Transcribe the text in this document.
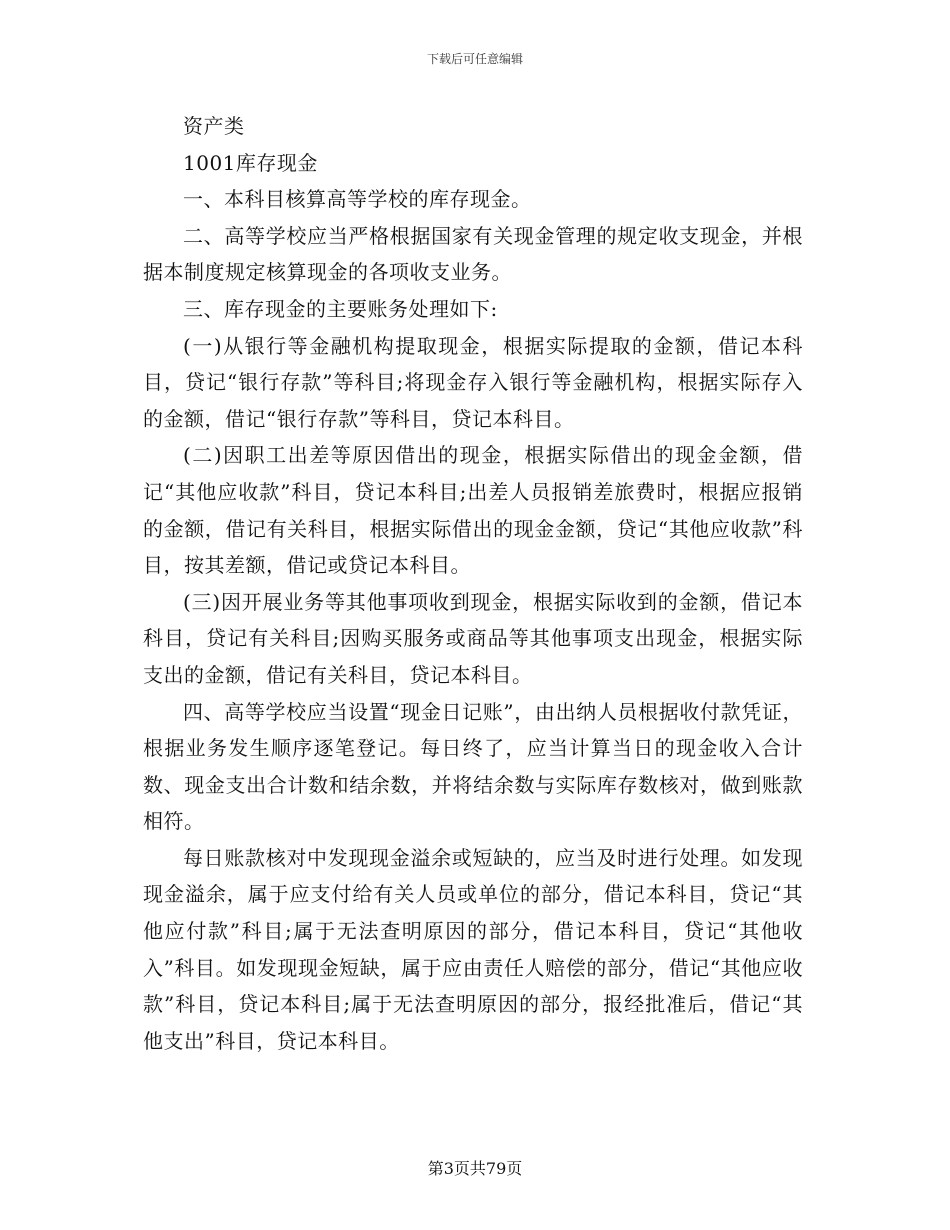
下载后可任意编辑

资产类

1001库存现金

一、本科目核算高等学校的库存现金。

二、高等学校应当严格根据国家有关现金管理的规定收支现金，并根据本制度规定核算现金的各项收支业务。

三、库存现金的主要账务处理如下:

(一)从银行等金融机构提取现金，根据实际提取的金额，借记本科目，贷记“银行存款”等科目;将现金存入银行等金融机构，根据实际存入的金额，借记“银行存款”等科目，贷记本科目。

(二)因职工出差等原因借出的现金，根据实际借出的现金金额，借记“其他应收款”科目，贷记本科目;出差人员报销差旅费时，根据应报销的金额，借记有关科目，根据实际借出的现金金额，贷记“其他应收款”科目，按其差额，借记或贷记本科目。

(三)因开展业务等其他事项收到现金，根据实际收到的金额，借记本科目，贷记有关科目;因购买服务或商品等其他事项支出现金，根据实际支出的金额，借记有关科目，贷记本科目。

四、高等学校应当设置“现金日记账”，由出纳人员根据收付款凭证，根据业务发生顺序逐笔登记。每日终了，应当计算当日的现金收入合计数、现金支出合计数和结余数，并将结余数与实际库存数核对，做到账款相符。

每日账款核对中发现现金溢余或短缺的，应当及时进行处理。如发现现金溢余，属于应支付给有关人员或单位的部分，借记本科目，贷记“其他应付款”科目;属于无法查明原因的部分，借记本科目，贷记“其他收入”科目。如发现现金短缺，属于应由责任人赔偿的部分，借记“其他应收款”科目，贷记本科目;属于无法查明原因的部分，报经批准后，借记“其他支出”科目，贷记本科目。

第3页共79页
